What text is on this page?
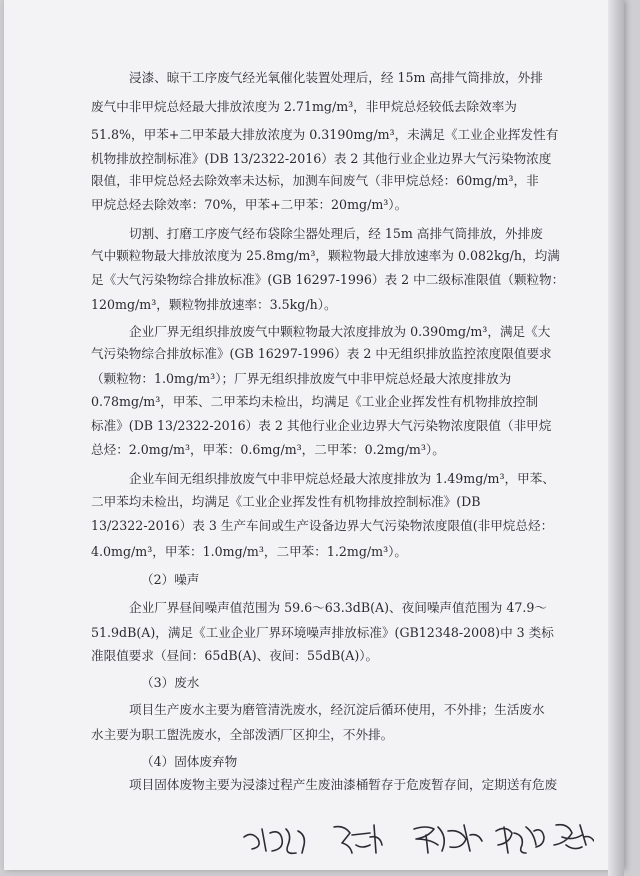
浸漆、晾干工序废气经光氧催化装置处理后，经 15m 高排气筒排放，外排
废气中非甲烷总烃最大排放浓度为 2.71mg/m³，非甲烷总烃较低去除效率为
51.8%，甲苯+二甲苯最大排放浓度为 0.3190mg/m³，未满足《工业企业挥发性有
机物排放控制标准》(DB 13/2322-2016）表 2 其他行业企业边界大气污染物浓度
限值，非甲烷总烃去除效率未达标，加测车间废气（非甲烷总烃：60mg/m³，非
甲烷总烃去除效率：70%，甲苯+二甲苯：20mg/m³）。
切割、打磨工序废气经布袋除尘器处理后，经 15m 高排气筒排放，外排废
气中颗粒物最大排放浓度为 25.8mg/m³，颗粒物最大排放速率为 0.082kg/h，均满
足《大气污染物综合排放标准》(GB 16297-1996）表 2 中二级标准限值（颗粒物：
120mg/m³，颗粒物排放速率：3.5kg/h）。
企业厂界无组织排放废气中颗粒物最大浓度排放为 0.390mg/m³，满足《大
气污染物综合排放标准》(GB 16297-1996）表 2 中无组织排放监控浓度限值要求
（颗粒物：1.0mg/m³）；厂界无组织排放废气中非甲烷总烃最大浓度排放为
0.78mg/m³，甲苯、二甲苯均未检出，均满足《工业企业挥发性有机物排放控制
标准》(DB 13/2322-2016）表 2 其他行业企业边界大气污染物浓度限值（非甲烷
总烃：2.0mg/m³，甲苯：0.6mg/m³，二甲苯：0.2mg/m³）。
企业车间无组织排放废气中非甲烷总烃最大浓度排放为 1.49mg/m³，甲苯、
二甲苯均未检出，均满足《工业企业挥发性有机物排放控制标准》(DB
13/2322-2016）表 3 生产车间或生产设备边界大气污染物浓度限值(非甲烷总烃：
4.0mg/m³，甲苯：1.0mg/m³，二甲苯：1.2mg/m³）。
（2）噪声
企业厂界昼间噪声值范围为 59.6～63.3dB(A)、夜间噪声值范围为 47.9～
51.9dB(A)，满足《工业企业厂界环境噪声排放标准》(GB12348-2008)中 3 类标
准限值要求（昼间：65dB(A)、夜间：55dB(A)）。
（3）废水
项目生产废水主要为磨管清洗废水，经沉淀后循环使用，不外排；生活废水
水主要为职工盥洗废水，全部泼洒厂区抑尘，不外排。
（4）固体废弃物
项目固体废物主要为浸漆过程产生废油漆桶暂存于危废暂存间，定期送有危废
